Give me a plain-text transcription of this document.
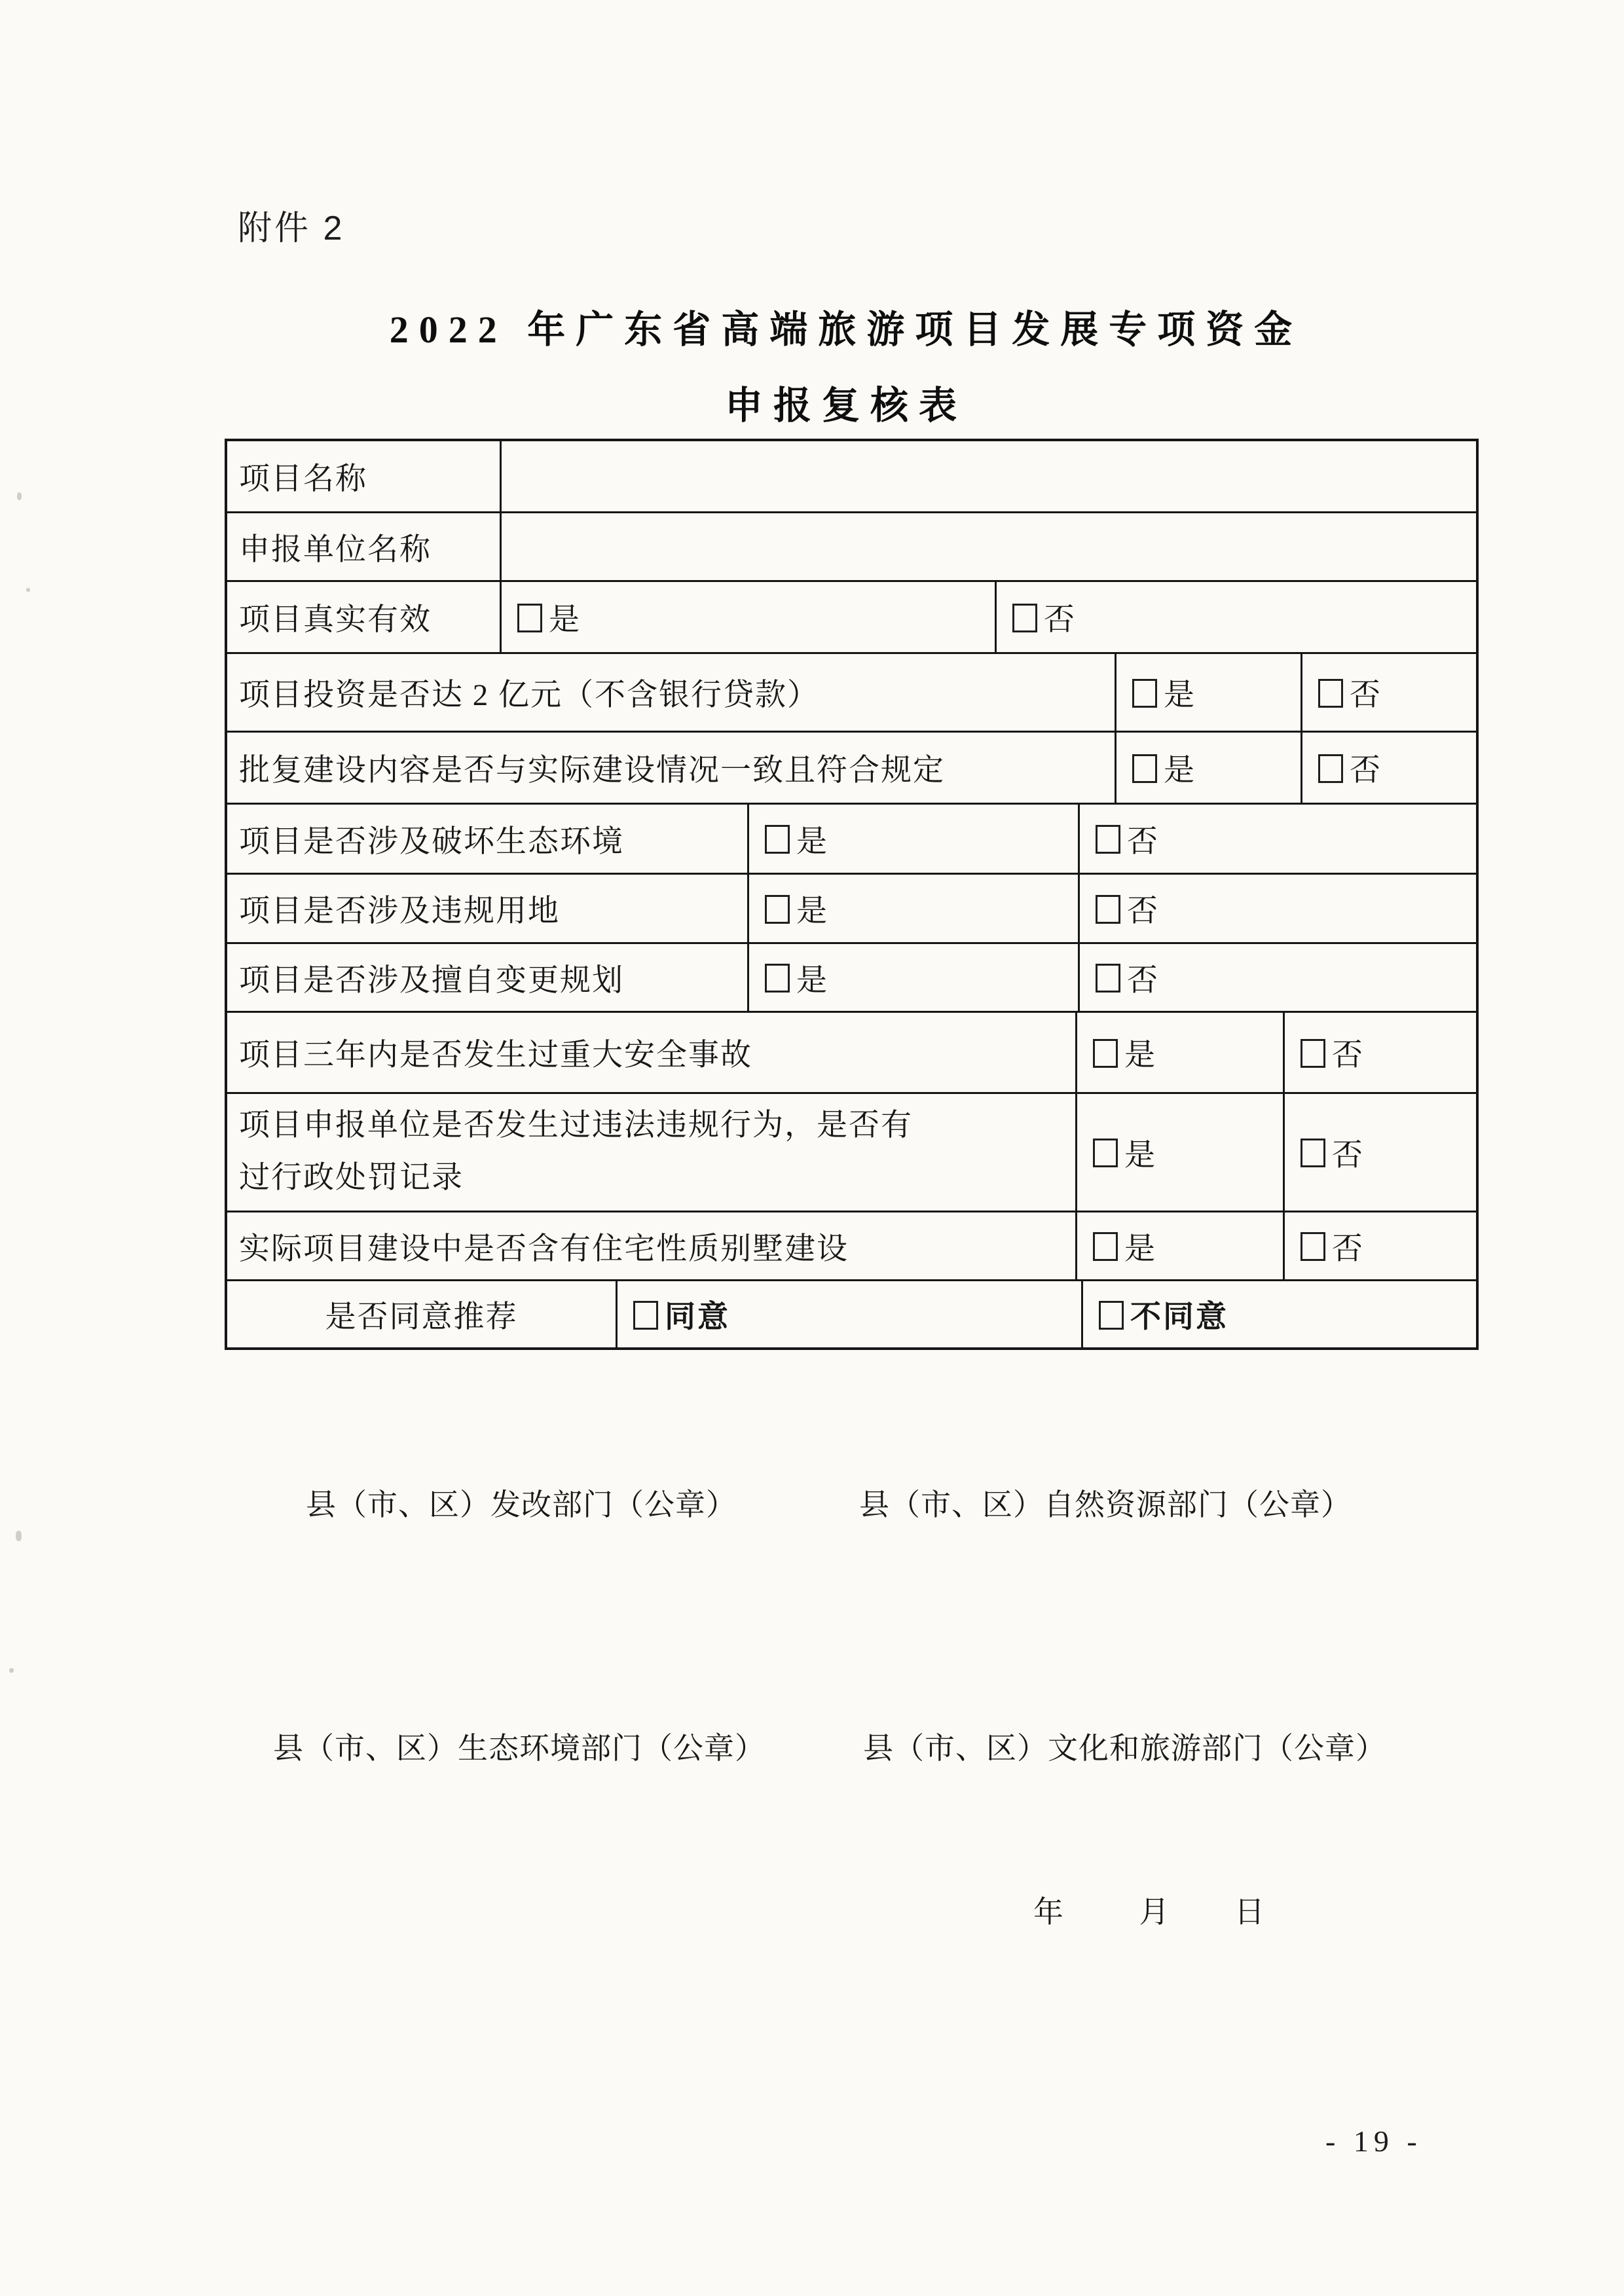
附件 2
2022 年广东省高端旅游项目发展专项资金
申报复核表
项目名称
申报单位名称
项目真实有效	是	否
项目投资是否达 2 亿元（不含银行贷款）	是	否
批复建设内容是否与实际建设情况一致且符合规定	是	否
项目是否涉及破坏生态环境	是	否
项目是否涉及违规用地	是	否
项目是否涉及擅自变更规划	是	否
项目三年内是否发生过重大安全事故	是	否
项目申报单位是否发生过违法违规行为，是否有
过行政处罚记录
是	否
实际项目建设中是否含有住宅性质别墅建设	是	否
是否同意推荐	同意	不同意
县（市、区）发改部门（公章）	县（市、区）自然资源部门（公章）
县（市、区）生态环境部门（公章）	县（市、区）文化和旅游部门（公章）
年	月 日
- 19 -
